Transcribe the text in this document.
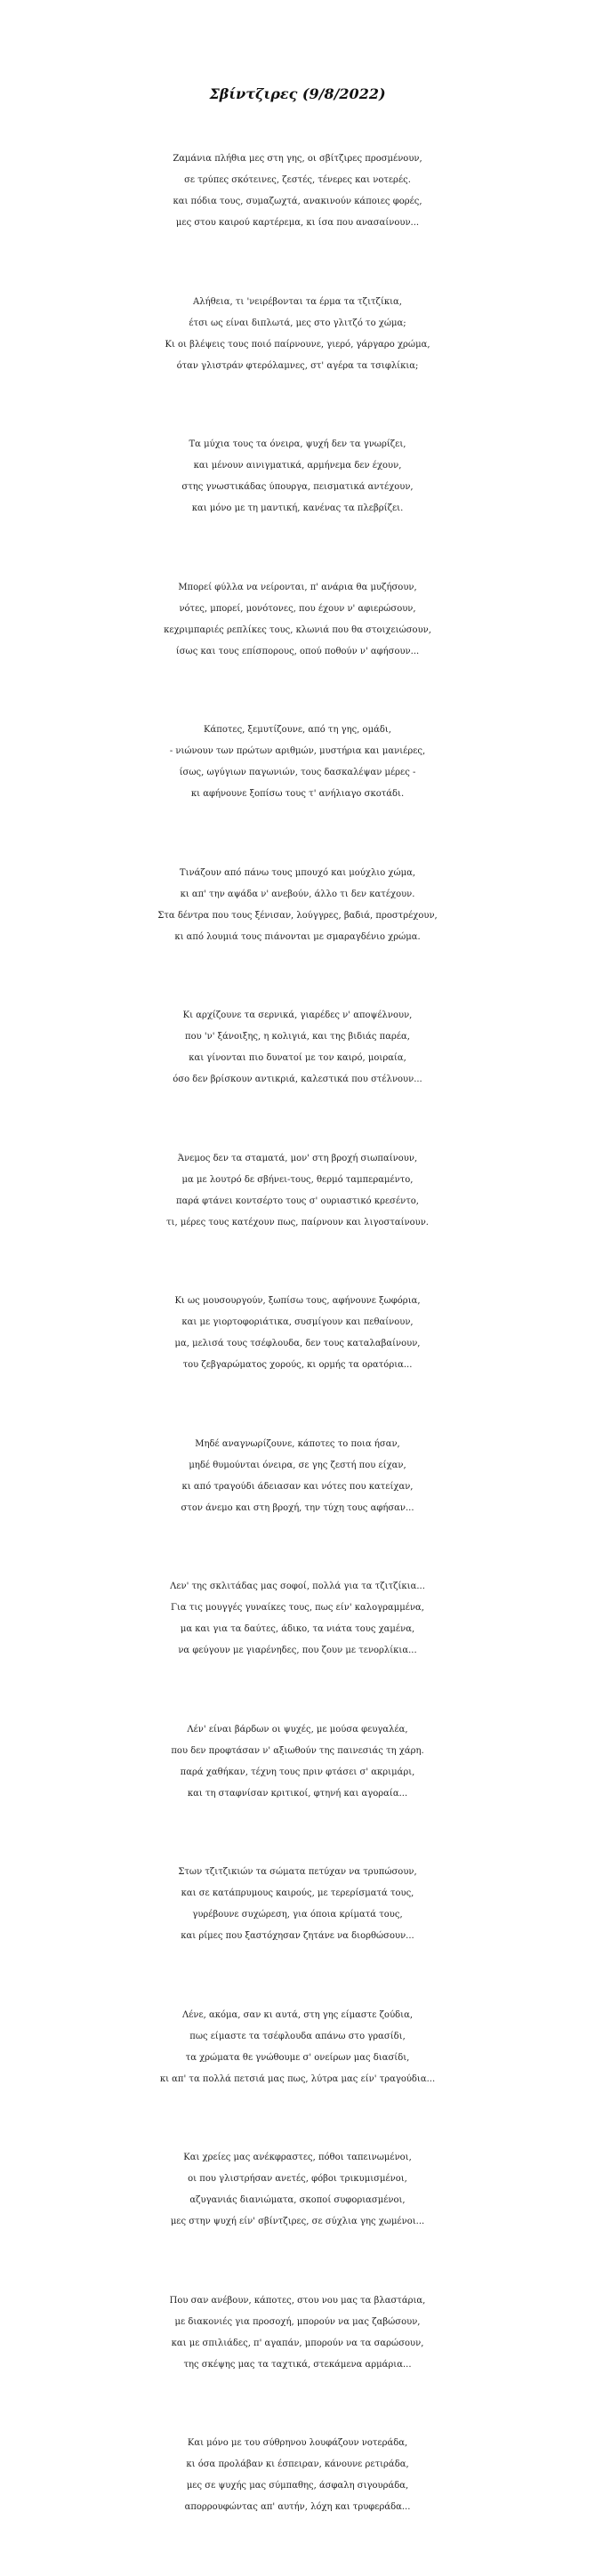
Σβίντζιρες (9/8/2022)
Ζαμάνια πλήθια μες στη γης, οι σβίτζιρες προσμένουν,
σε τρύπες σκότεινες, ζεστές, τένερες και νοτερές.
και πόδια τους, συμαζωχτά, ανακινούν κάποιες φορές,
μες στου καιρού καρτέρεμα, κι ίσα που ανασαίνουν...
Αλήθεια, τι 'νειρέβονται τα έρμα τα τζιτζίκια,
έτσι ως είναι διπλωτά, μες στο γλιτζό το χώμα;
Κι οι βλέψεις τους ποιό παίρνουνε, γιερό, γάργαρο χρώμα,
όταν γλιστράν φτερόλαμνες, στ' αγέρα τα τσιφλίκια;
Τα μύχια τους τα όνειρα, ψυχή δεν τα γνωρίζει,
και μένουν αινιγματικά, αρμήνεμα δεν έχουν,
στης γνωστικάδας ύπουργα, πεισματικά αντέχουν,
και μόνο με τη μαντική, κανένας τα πλεβρίζει.
Μπορεί φύλλα να νείρονται, π' ανάρια θα μυζήσουν,
νότες, μπορεί, μονότονες, που έχουν ν' αφιερώσουν,
κεχριμπαριές ρεπλίκες τους, κλωνιά που θα στοιχειώσουν,
ίσως και τους επίσπορους, οπού ποθούν ν' αφήσουν...
Κάποτες, ξεμυτίζουνε, από τη γης, ομάδι,
- νιώνουν των πρώτων αριθμών, μυστήρια και μανιέρες,
ίσως, ωγύγιων παγωνιών, τους δασκαλέψαν μέρες -
κι αφήνουνε ξοπίσω τους τ' ανήλιαγο σκοτάδι.
Τινάζουν από πάνω τους μπουχό και μούχλιο χώμα,
κι απ' την αψάδα ν' ανεβούν, άλλο τι δεν κατέχουν.
Στα δέντρα που τους ξένισαν, λούγγρες, βαδιά, προστρέχουν,
κι από λουμιά τους πιάνονται με σμαραγδένιο χρώμα.
Κι αρχίζουνε τα σερνικά, γιαρέδες ν' αποψέλνουν,
που 'ν' ξάνοιξης, η κολιγιά, και της βιδιάς παρέα,
και γίνονται πιο δυνατοί με τον καιρό, μοιραία,
όσο δεν βρίσκουν αντικριά, καλεστικά που στέλνουν...
Άνεμος δεν τα σταματά, μον' στη βροχή σιωπαίνουν,
μα με λουτρό δε σβήνει-τους, θερμό ταμπεραμέντο,
παρά φτάνει κοντσέρτο τους σ' ουριαστικό κρεσέντο,
τι, μέρες τους κατέχουν πως, παίρνουν και λιγοσταίνουν.
Κι ως μουσουργούν, ξωπίσω τους, αφήνουνε ξωφόρια,
και με γιορτοφοριάτικα, συσμίγουν και πεθαίνουν,
μα, μελισά τους τσέφλουδα, δεν τους καταλαβαίνουν,
του ζεβγαρώματος χορούς, κι ορμής τα ορατόρια...
Μηδέ αναγνωρίζουνε, κάποτες το ποια ήσαν,
μηδέ θυμούνται όνειρα, σε γης ζεστή που είχαν,
κι από τραγούδι άδειασαν και νότες που κατείχαν,
στον άνεμο και στη βροχή, την τύχη τους αφήσαν...
Λεν' της σκλιτάδας μας σοφοί, πολλά για τα τζιτζίκια...
Για τις μουγγές γυναίκες τους, πως είν' καλογραμμένα,
μα και για τα δαύτες, άδικο, τα νιάτα τους χαμένα,
να φεύγουν με γιαρένηδες, που ζουν με τενορλίκια...
Λέν' είναι βάρδων οι ψυχές, με μούσα φευγαλέα,
που δεν προφτάσαν ν' αξιωθούν της παινεσιάς τη χάρη.
παρά χαθήκαν, τέχνη τους πριν φτάσει σ' ακριμάρι,
και τη σταφνίσαν κριτικοί, φτηνή και αγοραία...
Στων τζιτζικιών τα σώματα πετύχαν να τρυπώσουν,
και σε κατάπρυμους καιρούς, με τερερίσματά τους,
γυρέβουνε συχώρεση, για όποια κρίματά τους,
και ρίμες που ξαστόχησαν ζητάνε να διορθώσουν...
Λένε, ακόμα, σαν κι αυτά, στη γης είμαστε ζούδια,
πως είμαστε τα τσέφλουδα απάνω στο γρασίδι,
τα χρώματα θε γνώθουμε σ' ονείρων μας διασίδι,
κι απ' τα πολλά πετσιά μας πως, λύτρα μας είν' τραγούδια...
Και χρείες μας ανέκφραστες, πόθοι ταπεινωμένοι,
οι που γλιστρήσαν ανετές, φόβοι τρικυμισμένοι,
αζυγανιάς διανιώματα, σκοποί συφοριασμένοι,
μες στην ψυχή είν' σβίντζιρες, σε σύχλια γης χωμένοι...
Που σαν ανέβουν, κάποτες, στου νου μας τα βλαστάρια,
με διακονιές για προσοχή, μπορούν να μας ζαβώσουν,
και με σπιλιάδες, π' αγαπάν, μπορούν να τα σαρώσουν,
της σκέψης μας τα ταχτικά, στεκάμενα αρμάρια...
Και μόνο με του σύθρηνου λουφάζουν νοτεράδα,
κι όσα προλάβαν κι έσπειραν, κάνουνε ρετιράδα,
μες σε ψυχής μας σύμπαθης, άσφαλη σιγουράδα,
απορρουφώντας απ' αυτήν, λόχη και τρυφεράδα...
